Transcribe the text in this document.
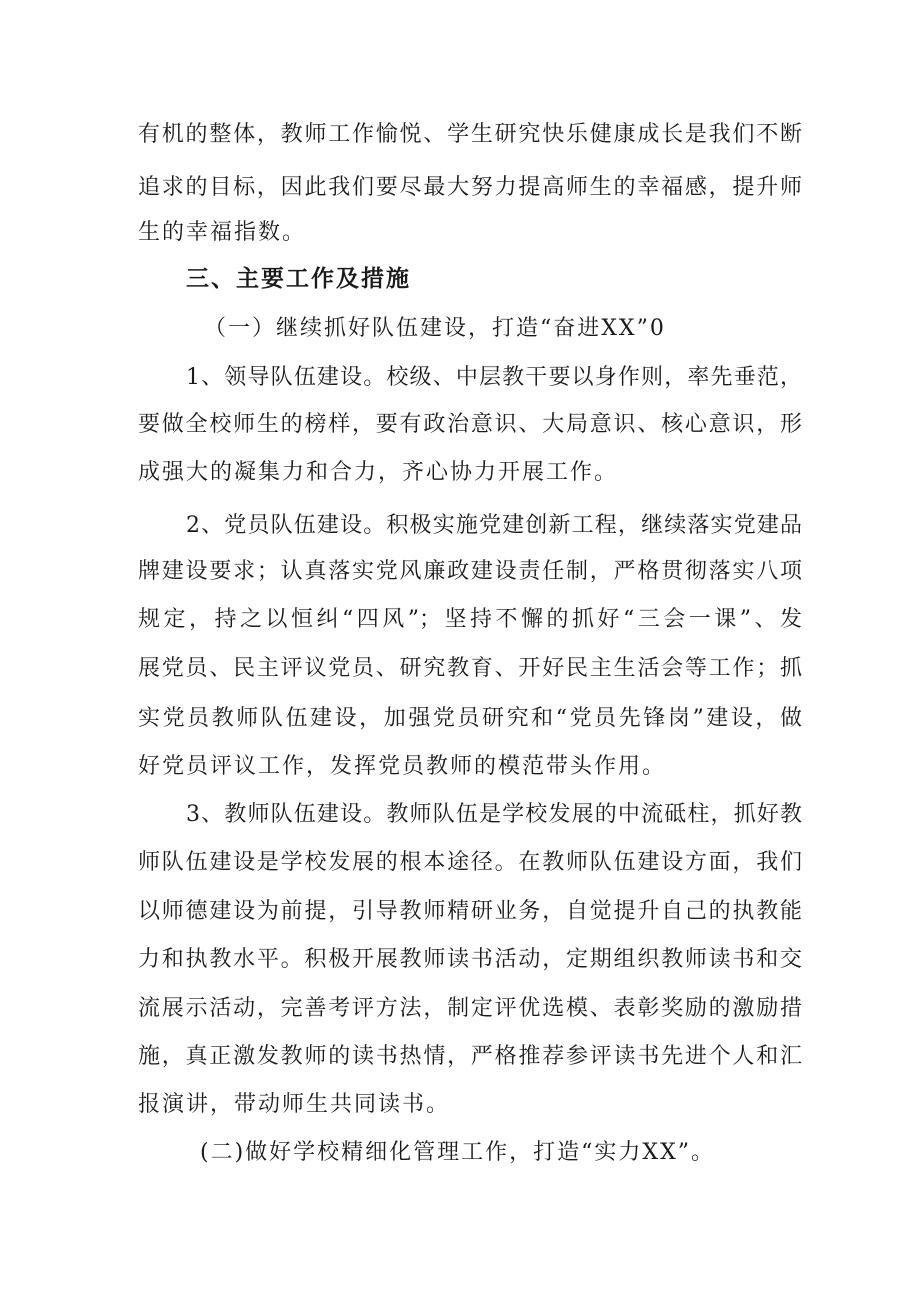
有机的整体，教师工作愉悦、学生研究快乐健康成长是我们不断
追求的目标，因此我们要尽最大努力提高师生的幸福感，提升师
生的幸福指数。
三、主要工作及措施
（一）继续抓好队伍建设，打造“奋进XX”0
1、领导队伍建设。校级、中层教干要以身作则，率先垂范，
要做全校师生的榜样，要有政治意识、大局意识、核心意识，形
成强大的凝集力和合力，齐心协力开展工作。
2、党员队伍建设。积极实施党建创新工程，继续落实党建品
牌建设要求；认真落实党风廉政建设责任制，严格贯彻落实八项
规定，持之以恒纠“四风”；坚持不懈的抓好“三会一课”、发
展党员、民主评议党员、研究教育、开好民主生活会等工作；抓
实党员教师队伍建设，加强党员研究和“党员先锋岗”建设，做
好党员评议工作，发挥党员教师的模范带头作用。
3、教师队伍建设。教师队伍是学校发展的中流砥柱，抓好教
师队伍建设是学校发展的根本途径。在教师队伍建设方面，我们
以师德建设为前提，引导教师精研业务，自觉提升自己的执教能
力和执教水平。积极开展教师读书活动，定期组织教师读书和交
流展示活动，完善考评方法，制定评优选模、表彰奖励的激励措
施，真正激发教师的读书热情，严格推荐参评读书先进个人和汇
报演讲，带动师生共同读书。
(二)做好学校精细化管理工作，打造“实力XX”。
